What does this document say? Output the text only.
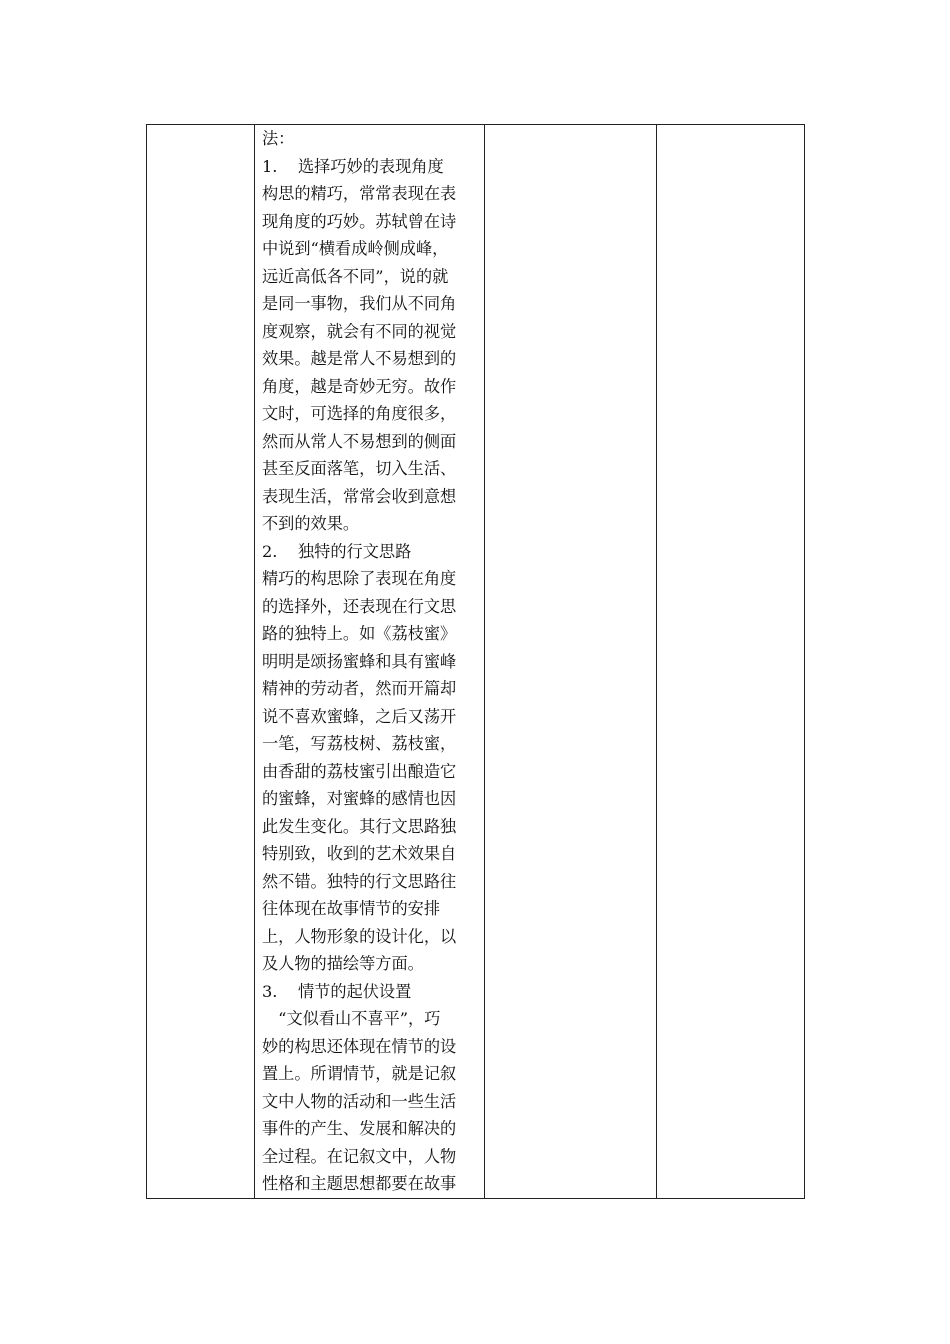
法：
1. 选择巧妙的表现角度
构思的精巧，常常表现在表
现角度的巧妙。苏轼曾在诗
中说到“横看成岭侧成峰，
远近高低各不同”，说的就
是同一事物，我们从不同角
度观察，就会有不同的视觉
效果。越是常人不易想到的
角度，越是奇妙无穷。故作
文时，可选择的角度很多，
然而从常人不易想到的侧面
甚至反面落笔，切入生活、
表现生活，常常会收到意想
不到的效果。
2. 独特的行文思路
精巧的构思除了表现在角度
的选择外，还表现在行文思
路的独特上。如《荔枝蜜》
明明是颂扬蜜蜂和具有蜜峰
精神的劳动者，然而开篇却
说不喜欢蜜蜂，之后又荡开
一笔，写荔枝树、荔枝蜜，
由香甜的荔枝蜜引出酿造它
的蜜蜂，对蜜蜂的感情也因
此发生变化。其行文思路独
特别致，收到的艺术效果自
然不错。独特的行文思路往
往体现在故事情节的安排
上，人物形象的设计化，以
及人物的描绘等方面。
3. 情节的起伏设置
　“文似看山不喜平”，巧
妙的构思还体现在情节的设
置上。所谓情节，就是记叙
文中人物的活动和一些生活
事件的产生、发展和解决的
全过程。在记叙文中，人物
性格和主题思想都要在故事
